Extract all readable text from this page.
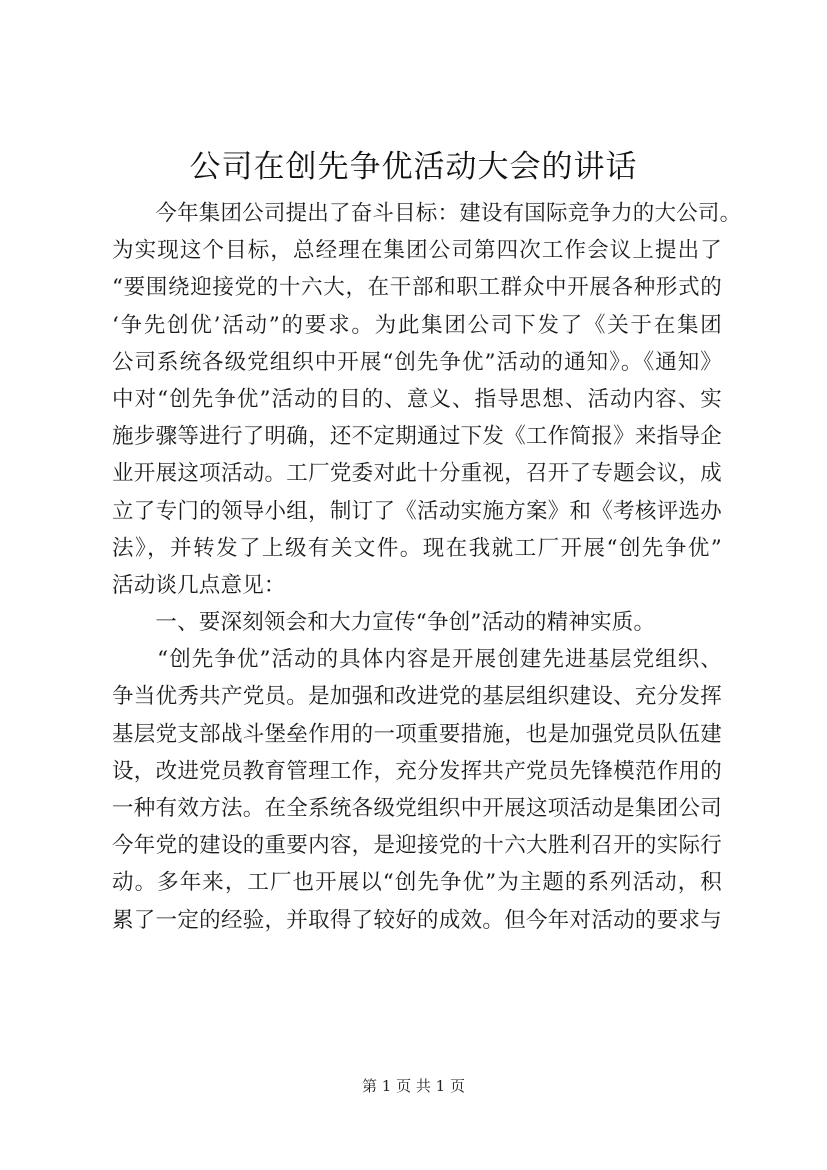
公司在创先争优活动大会的讲话
　　今年集团公司提出了奋斗目标：建设有国际竞争力的大公司。
为实现这个目标，总经理在集团公司第四次工作会议上提出了
“要围绕迎接党的十六大，在干部和职工群众中开展各种形式的
‘争先创优’活动”的要求。为此集团公司下发了《关于在集团
公司系统各级党组织中开展“创先争优”活动的通知》。《通知》
中对“创先争优”活动的目的、意义、指导思想、活动内容、实
施步骤等进行了明确，还不定期通过下发《工作简报》来指导企
业开展这项活动。工厂党委对此十分重视，召开了专题会议，成
立了专门的领导小组，制订了《活动实施方案》和《考核评选办
法》，并转发了上级有关文件。现在我就工厂开展“创先争优”
活动谈几点意见：
　　一、要深刻领会和大力宣传“争创”活动的精神实质。
　　“创先争优”活动的具体内容是开展创建先进基层党组织、
争当优秀共产党员。是加强和改进党的基层组织建设、充分发挥
基层党支部战斗堡垒作用的一项重要措施，也是加强党员队伍建
设，改进党员教育管理工作，充分发挥共产党员先锋模范作用的
一种有效方法。在全系统各级党组织中开展这项活动是集团公司
今年党的建设的重要内容，是迎接党的十六大胜利召开的实际行
动。多年来，工厂也开展以“创先争优”为主题的系列活动，积
累了一定的经验，并取得了较好的成效。但今年对活动的要求与
第 1 页 共 1 页
